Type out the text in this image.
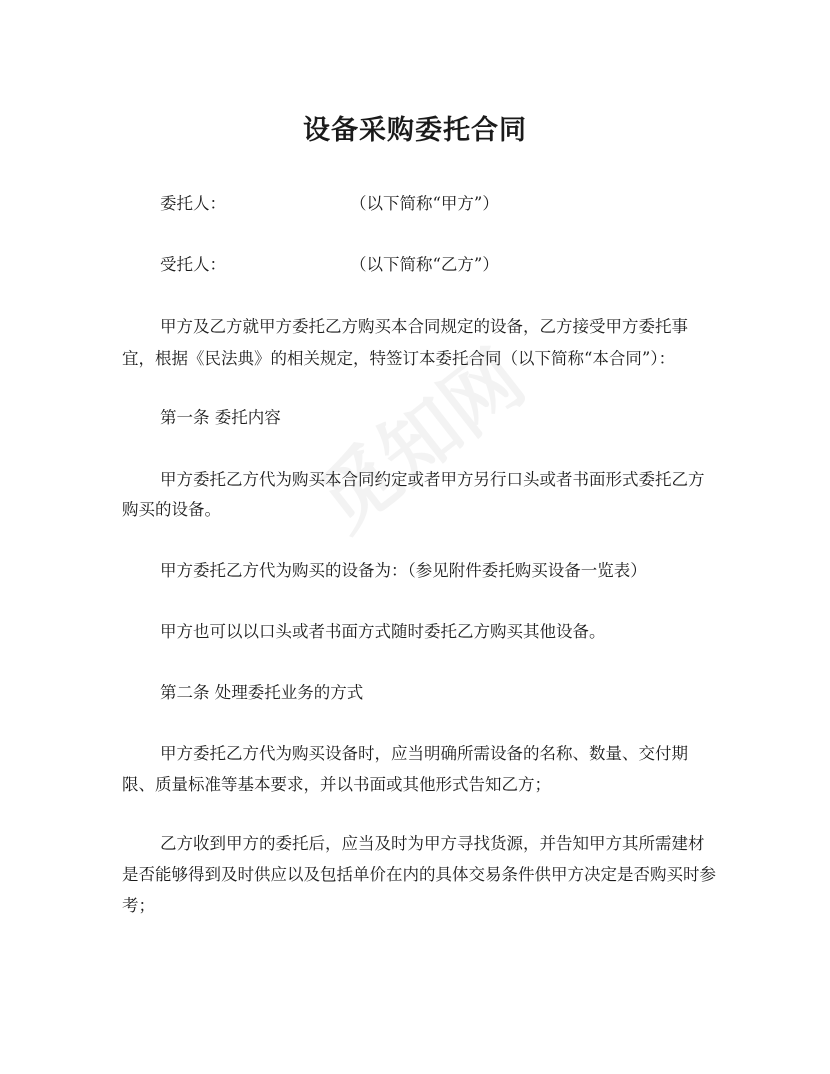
设备采购委托合同
委托人：	（以下简称“甲方”）
受托人：	（以下简称“乙方”）
甲方及乙方就甲方委托乙方购买本合同规定的设备，乙方接受甲方委托事
宜，根据《民法典》的相关规定，特签订本委托合同（以下简称“本合同”）：
第一条 委托内容
甲方委托乙方代为购买本合同约定或者甲方另行口头或者书面形式委托乙方
购买的设备。
甲方委托乙方代为购买的设备为：（参见附件委托购买设备一览表）
甲方也可以以口头或者书面方式随时委托乙方购买其他设备。
第二条 处理委托业务的方式
甲方委托乙方代为购买设备时，应当明确所需设备的名称、数量、交付期
限、质量标准等基本要求，并以书面或其他形式告知乙方；
乙方收到甲方的委托后，应当及时为甲方寻找货源，并告知甲方其所需建材
是否能够得到及时供应以及包括单价在内的具体交易条件供甲方决定是否购买时参
考；
